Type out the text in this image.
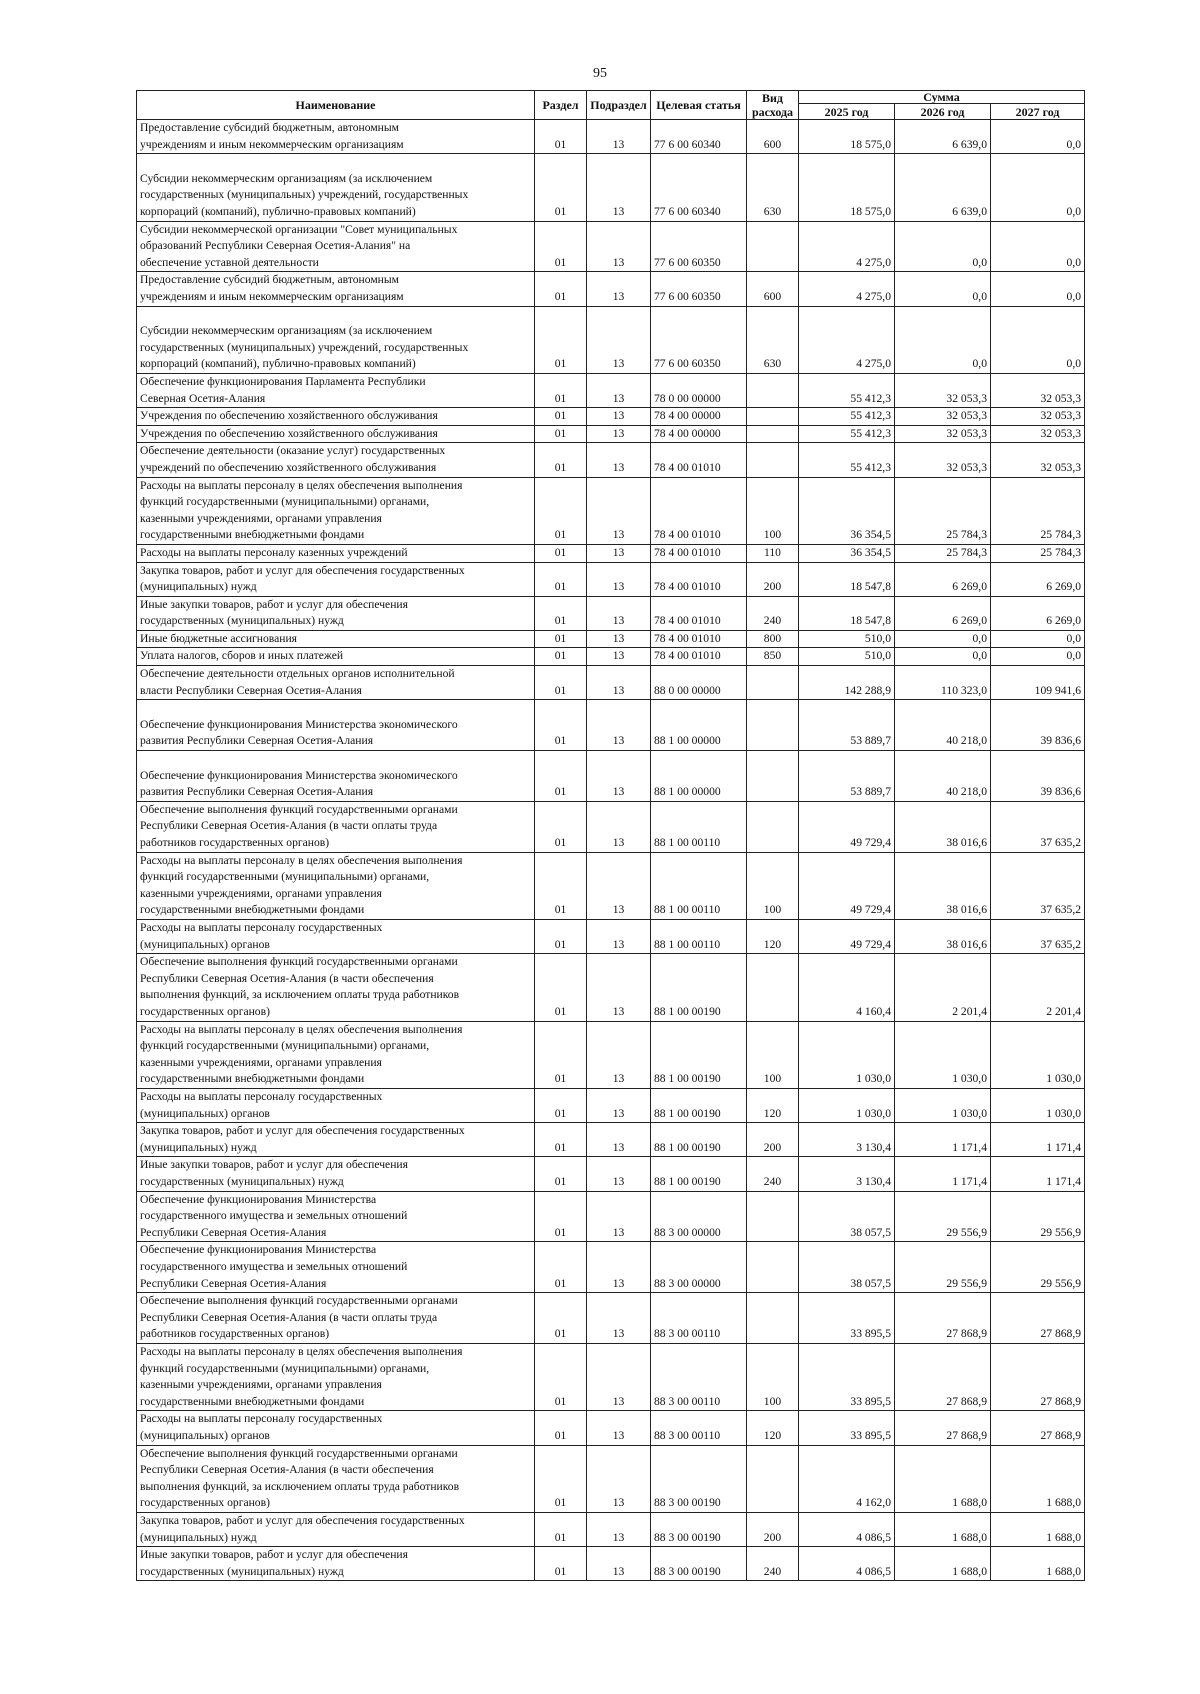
95
Наименование	Раздел	Подраздел	Целевая статья	Вид расхода	Сумма		
					2025 год	2026 год	2027 год
Предоставление субсидий бюджетным, автономным
учреждениям и иным некоммерческим организациям	01	13	77 6 00 60340	600	18 575,0	6 639,0	0,0
Субсидии некоммерческим организациям (за исключением
государственных (муниципальных) учреждений, государственных
корпораций (компаний), публично-правовых компаний)	01	13	77 6 00 60340	630	18 575,0	6 639,0	0,0
Субсидии некоммерческой организации "Совет муниципальных
образований Республики Северная Осетия-Алания" на
обеспечение уставной деятельности	01	13	77 6 00 60350		4 275,0	0,0	0,0
Предоставление субсидий бюджетным, автономным
учреждениям и иным некоммерческим организациям	01	13	77 6 00 60350	600	4 275,0	0,0	0,0
Субсидии некоммерческим организациям (за исключением
государственных (муниципальных) учреждений, государственных
корпораций (компаний), публично-правовых компаний)	01	13	77 6 00 60350	630	4 275,0	0,0	0,0
Обеспечение функционирования Парламента Республики
Северная Осетия-Алания	01	13	78 0 00 00000		55 412,3	32 053,3	32 053,3
Учреждения по обеспечению хозяйственного обслуживания	01	13	78 4 00 00000		55 412,3	32 053,3	32 053,3
Учреждения по обеспечению хозяйственного обслуживания	01	13	78 4 00 00000		55 412,3	32 053,3	32 053,3
Обеспечение деятельности (оказание услуг) государственных
учреждений по обеспечению хозяйственного обслуживания	01	13	78 4 00 01010		55 412,3	32 053,3	32 053,3
Расходы на выплаты персоналу в целях обеспечения выполнения
функций государственными (муниципальными) органами,
казенными учреждениями, органами управления
государственными внебюджетными фондами	01	13	78 4 00 01010	100	36 354,5	25 784,3	25 784,3
Расходы на выплаты персоналу казенных учреждений	01	13	78 4 00 01010	110	36 354,5	25 784,3	25 784,3
Закупка товаров, работ и услуг для обеспечения государственных
(муниципальных) нужд	01	13	78 4 00 01010	200	18 547,8	6 269,0	6 269,0
Иные закупки товаров, работ и услуг для обеспечения
государственных (муниципальных) нужд	01	13	78 4 00 01010	240	18 547,8	6 269,0	6 269,0
Иные бюджетные ассигнования	01	13	78 4 00 01010	800	510,0	0,0	0,0
Уплата налогов, сборов и иных платежей	01	13	78 4 00 01010	850	510,0	0,0	0,0
Обеспечение деятельности отдельных органов исполнительной
власти Республики Северная Осетия-Алания	01	13	88 0 00 00000		142 288,9	110 323,0	109 941,6
Обеспечение функционирования Министерства экономического
развития Республики Северная Осетия-Алания	01	13	88 1 00 00000		53 889,7	40 218,0	39 836,6
Обеспечение функционирования Министерства экономического
развития Республики Северная Осетия-Алания	01	13	88 1 00 00000		53 889,7	40 218,0	39 836,6
Обеспечение выполнения функций государственными органами
Республики Северная Осетия-Алания (в части оплаты труда
работников государственных органов)	01	13	88 1 00 00110		49 729,4	38 016,6	37 635,2
Расходы на выплаты персоналу в целях обеспечения выполнения
функций государственными (муниципальными) органами,
казенными учреждениями, органами управления
государственными внебюджетными фондами	01	13	88 1 00 00110	100	49 729,4	38 016,6	37 635,2
Расходы на выплаты персоналу государственных
(муниципальных) органов	01	13	88 1 00 00110	120	49 729,4	38 016,6	37 635,2
Обеспечение выполнения функций государственными органами
Республики Северная Осетия-Алания (в части обеспечения
выполнения функций, за исключением оплаты труда работников
государственных органов)	01	13	88 1 00 00190		4 160,4	2 201,4	2 201,4
Расходы на выплаты персоналу в целях обеспечения выполнения
функций государственными (муниципальными) органами,
казенными учреждениями, органами управления
государственными внебюджетными фондами	01	13	88 1 00 00190	100	1 030,0	1 030,0	1 030,0
Расходы на выплаты персоналу государственных
(муниципальных) органов	01	13	88 1 00 00190	120	1 030,0	1 030,0	1 030,0
Закупка товаров, работ и услуг для обеспечения государственных
(муниципальных) нужд	01	13	88 1 00 00190	200	3 130,4	1 171,4	1 171,4
Иные закупки товаров, работ и услуг для обеспечения
государственных (муниципальных) нужд	01	13	88 1 00 00190	240	3 130,4	1 171,4	1 171,4
Обеспечение функционирования Министерства
государственного имущества и земельных отношений
Республики Северная Осетия-Алания	01	13	88 3 00 00000		38 057,5	29 556,9	29 556,9
Обеспечение функционирования Министерства
государственного имущества и земельных отношений
Республики Северная Осетия-Алания	01	13	88 3 00 00000		38 057,5	29 556,9	29 556,9
Обеспечение выполнения функций государственными органами
Республики Северная Осетия-Алания (в части оплаты труда
работников государственных органов)	01	13	88 3 00 00110		33 895,5	27 868,9	27 868,9
Расходы на выплаты персоналу в целях обеспечения выполнения
функций государственными (муниципальными) органами,
казенными учреждениями, органами управления
государственными внебюджетными фондами	01	13	88 3 00 00110	100	33 895,5	27 868,9	27 868,9
Расходы на выплаты персоналу государственных
(муниципальных) органов	01	13	88 3 00 00110	120	33 895,5	27 868,9	27 868,9
Обеспечение выполнения функций государственными органами
Республики Северная Осетия-Алания (в части обеспечения
выполнения функций, за исключением оплаты труда работников
государственных органов)	01	13	88 3 00 00190		4 162,0	1 688,0	1 688,0
Закупка товаров, работ и услуг для обеспечения государственных
(муниципальных) нужд	01	13	88 3 00 00190	200	4 086,5	1 688,0	1 688,0
Иные закупки товаров, работ и услуг для обеспечения
государственных (муниципальных) нужд	01	13	88 3 00 00190	240	4 086,5	1 688,0	1 688,0
